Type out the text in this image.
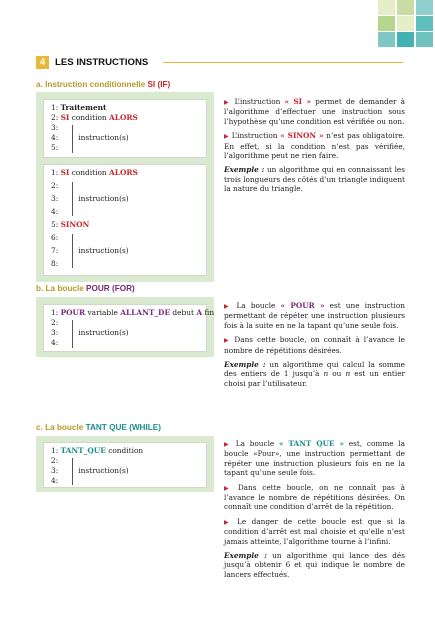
4	LES INSTRUCTIONS
a. Instruction conditionnelle SI (IF)
1: Traitement
2: SI condition ALORS
3:
4:	instruction(s)
5:
1: SI condition ALORS
2:
3:	instruction(s)
4:
5: SINON
6:
7:	instruction(s)
8:

▶ L’instruction « SI » permet de demander à l’algorithme d’effectuer une instruction sous l’hypothèse qu’une condition est vérifiée ou non.

▶ L’instruction « SINON » n’est pas obligatoire. En effet, si la condition n’est pas vérifiée, l’algorithme peut ne rien faire.

Exemple : un algorithme qui en connaissant les trois longueurs des côtés d’un triangle indiquent la nature du triangle.

b. La boucle POUR (FOR)
1: POUR variable ALLANT_DE debut A fin
2:
3:	instruction(s)
4:

▶ La boucle « POUR » est une instruction permettant de répéter une instruction plusieurs fois à la suite en ne la tapant qu’une seule fois.

▶ Dans cette boucle, on connaît à l’avance le nombre de répétitions désirées.

Exemple : un algorithme qui calcul la somme des entiers de 1 jusqu’à n ou n est un entier choisi par l’utilisateur.

c. La boucle TANT QUE (WHILE)
1: TANT_QUE condition
2:
3:	instruction(s)
4:

▶ La boucle « TANT QUE » est, comme la boucle «Pour», une instruction permettant de répéter une instruction plusieurs fois en ne la tapant qu’une seule fois.

▶ Dans cette boucle, on ne connaît pas à l’avance le nombre de répétitions désirées. On connaît une condition d’arrêt de la répétition.

▶ Le danger de cette boucle est que si la condition d’arrêt est mal choisie et qu’elle n’est jamais atteinte, l’algorithme tourne à l’infini.

Exemple : un algorithme qui lance des dés jusqu’à obtenir 6 et qui indique le nombre de lancers effectués.
